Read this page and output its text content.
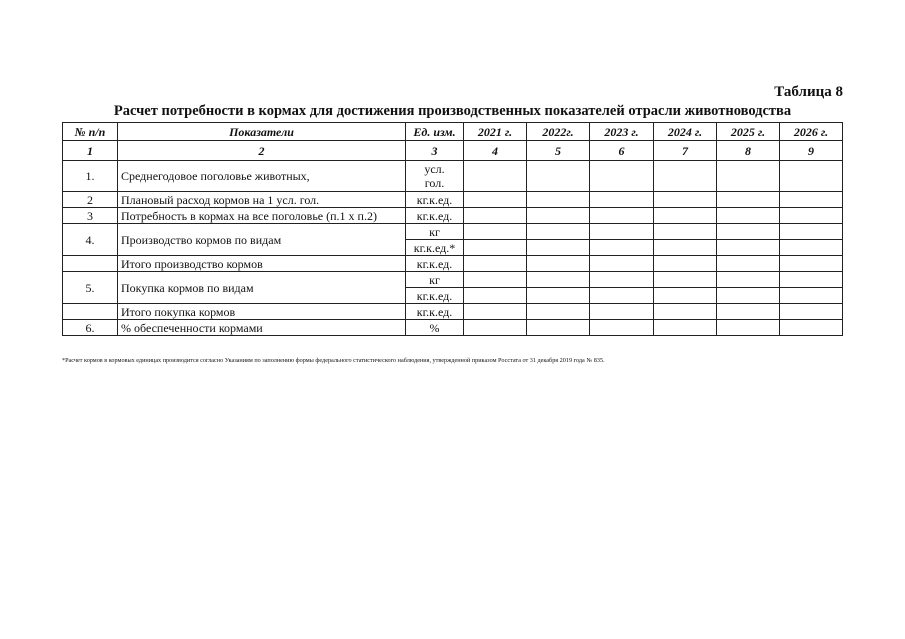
Таблица 8
Расчет потребности в кормах для достижения производственных показателей отрасли животноводства
№ п/п	Показатели	Ед. изм.	2021 г.	2022г.	2023 г.	2024 г.	2025 г.	2026 г.
1	2	3	4	5	6	7	8	9
1.	Среднегодовое поголовье животных,	усл.
гол.						

2	Плановый расход кормов на 1 усл. гол.	кг.к.ед.						
3	Потребность в кормах на все поголовье (п.1 х п.2)	кг.к.ед.						
4.	Производство кормов по видам	кг						
		кг.к.ед.*						
	Итого производство кормов	кг.к.ед.						
5.	Покупка кормов по видам	кг						
		кг.к.ед.						
	Итого покупка кормов	кг.к.ед.						
6.	% обеспеченности кормами	%						
*Расчет кормов в кормовых единицах производится согласно Указаниям по заполнению формы федерального статистического наблюдения, утвержденной приказом Росстата от 31 декабря 2019 года № 835.
